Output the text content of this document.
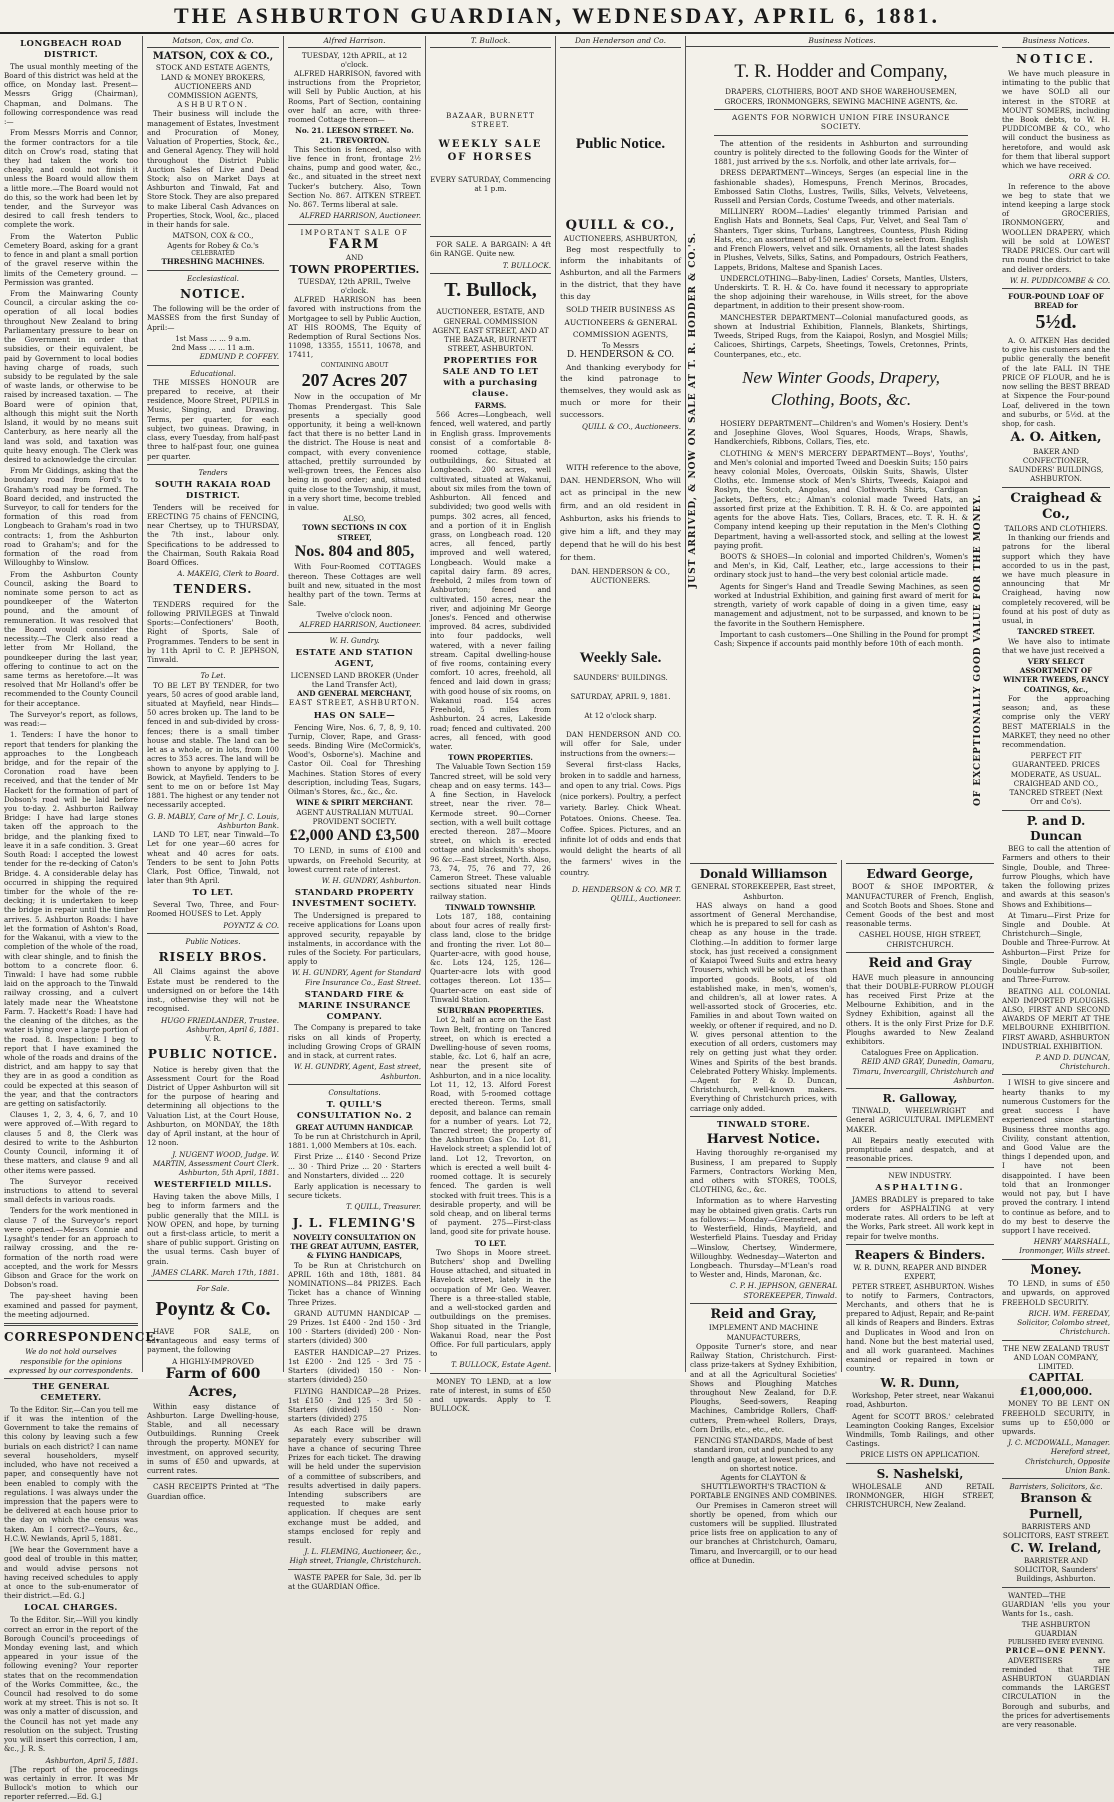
THE ASHBURTON GUARDIAN, WEDNESDAY, APRIL 6, 1881.
LONGBEACH ROAD DISTRICT.

The usual monthly meeting of the Board of this district was held at the office, on Monday last. Present—Messrs Grigg (Chairman), Chapman, and Dolmans. The following correspondence was read :—

From Messrs Morris and Connor, the former contractors for a tile ditch on Crow's road, stating that they had taken the work too cheaply, and could not finish it unless the Board would allow them a little more.—The Board would not do this, so the work had been let by tender, and the Surveyor was desired to call fresh tenders to complete the work.

From the Waterton Public Cemetery Board, asking for a grant to fence in and plant a small portion of the gravel reserve within the limits of the Cemetery ground. — Permission was granted.

From the Mainwaring County Council, a circular asking the co-operation of all local bodies throughout New Zealand to bring Parliamentary pressure to bear on the Government in order that subsidies, or their equivalent, be paid by Government to local bodies having charge of roads, such subsidy to be regulated by the sale of waste lands, or otherwise to be raised by increased taxation. — The Board were of opinion that, although this might suit the North Island, it would by no means suit Canterbury, as here nearly all the land was sold, and taxation was quite heavy enough. The Clerk was desired to acknowledge the circular.

From Mr Giddings, asking that the boundary road from Ford's to Graham's road may be formed. The Board decided, and instructed the Surveyor, to call for tenders for the formation of this road from Longbeach to Graham's road in two contracts: 1, from the Ashburton road to Graham's; and for the formation of the road from Willoughby to Winslow.

From the Ashburton County Council, asking the Board to nominate some person to act as poundkeeper of the Waterton pound, and the amount of remuneration. It was resolved that the Board would consider the necessity.—The Clerk also read a letter from Mr Holland, the poundkeeper during the last year, offering to continue to act on the same terms as heretofore.—It was resolved that Mr Holland's offer be recommended to the County Council for their acceptance.

The Surveyor's report, as follows, was read:—

1. Tenders: I have the honor to report that tenders for planking the approaches to the Longbeach bridge, and for the repair of the Coronation road have been received, and that the tender of Mr Hackett for the formation of part of Dobson's road will be laid before you to-day. 2. Ashburton Railway Bridge: I have had large stones taken off the approach to the bridge, and the planking fixed to leave it in a safe condition. 3. Great South Road: I accepted the lowest tender for the re-decking of Caton's Bridge. 4. A considerable delay has occurred in shipping the required timber for the whole of the re-decking; it is undertaken to keep the bridge in repair until the timber arrives. 5. Ashburton Roads: I have let the formation of Ashton's Road, for the Wakanui, with a view to the completion of the whole of the road, with clear shingle, and to finish the bottom to a concrete floor. 6. Tinwald: I have had some rubble laid on the approach to the Tinwald railway crossing, and a culvert lately made near the Wheatstone Farm. 7. Hackett's Road: I have had the cleaning of the ditches, as the water is lying over a large portion of the road. 8. Inspection: I beg to report that I have examined the whole of the roads and drains of the district, and am happy to say that they are in as good a condition as could be expected at this season of the year, and that the contractors are getting on satisfactorily.

Clauses 1, 2, 3, 4, 6, 7, and 10 were approved of.—With regard to clauses 5 and 8, the Clerk was desired to write to the Ashburton County Council, informing it of these matters, and clause 9 and all other items were passed.

The Surveyor received instructions to attend to several small defects in various roads.

Tenders for the work mentioned in clause 7 of the Surveyor's report were opened.—Messrs Connie and Lysaght's tender for an approach to railway crossing, and the re-formation of the north road were accepted, and the work for Messrs Gibson and Grace for the work on Dobson's road.

The pay-sheet having been examined and passed for payment, the meeting adjourned.

CORRESPONDENCE.
We do not hold ourselves responsible for the opinions expressed by our correspondents.
THE GENERAL CEMETERY.

To the Editor. Sir,—Can you tell me if it was the intention of the Government to take the remains of this colony by leaving such a few burials on each district? I can name several householders, myself included, who have not received a paper, and consequently have not been enabled to comply with the regulations. I was always under the impression that the papers were to be delivered at each house prior to the day on which the census was taken. Am I correct?—Yours, &c., H.C.W. Newlands, April 5, 1881.

[We hear the Government have a good deal of trouble in this matter, and would advise persons not having received schedules to apply at once to the sub-enumerator of their district.—Ed. G.]

LOCAL CHARGES.

To the Editor. Sir,—Will you kindly correct an error in the report of the Borough Council's proceedings of Monday evening last, and which appeared in your issue of the following evening? Your reporter states that on the recommendation of the Works Committee, &c., the Council had resolved to do some work at my street. This is not so. It was only a matter of discussion, and the Council has not yet made any resolution on the subject. Trusting you will insert this correction, I am, &c., J. R. S.

Ashburton, April 5, 1881.

[The report of the proceedings was certainly in error. It was Mr Bullock's motion to which our reporter referred.—Ed. G.]

Matson, Cox, and Co.
MATSON, COX & CO.,
STOCK AND ESTATE AGENTS,
LAND & MONEY BROKERS, AUCTIONEERS AND COMMISSION AGENTS,
ASHBURTON.

Their business will include the management of Estates, Investment and Procuration of Money, Valuation of Properties, Stock, &c., and General Agency. They will hold throughout the District Public Auction Sales of Live and Dead Stock; also on Market Days at Ashburton and Tinwald, Fat and Store Stock. They are also prepared to make Liberal Cash Advances on Properties, Stock, Wool, &c., placed in their hands for sale.

MATSON, COX & CO.,
Agents for Robey & Co.'s
CELEBRATED
THRESHING MACHINES.
Ecclesiastical.
NOTICE.

The following will be the order of MASSES from the first Sunday of April:—

1st Mass ... ... 9 a.m.
2nd Mass ... ... 11 a.m.
EDMUND P. COFFEY.
Educational.

THE MISSES HONOUR are prepared to receive, at their residence, Moore Street, PUPILS in Music, Singing, and Drawing. Terms, per quarter, for each subject, two guineas. Drawing, in class, every Tuesday, from half-past three to half-past four, one guinea per quarter.

Tenders
SOUTH RAKAIA ROAD DISTRICT.

Tenders will be received for ERECTING 75 chains of FENCING, near Chertsey, up to THURSDAY, the 7th inst., labour only. Specifications to be addressed to the Chairman, South Rakaia Road Board Offices.

A. MAKEIG, Clerk to Board.
TENDERS.

TENDERS required for the following PRIVILEGES at Tinwald Sports:—Confectioners' Booth, Right of Sports, Sale of Programmes. Tenders to be sent in by 11th April to C. P. JEPHSON, Tinwald.

To Let.

TO BE LET BY TENDER, for two years, 50 acres of good arable land, situated at Mayfield, near Hinds—50 acres broken up. The land to be fenced in and sub-divided by cross-fences; there is a small timber house and stable. The land can be let as a whole, or in lots, from 100 acres to 353 acres. The land will be shown to anyone by applying to J. Bowick, at Mayfield. Tenders to be sent to me on or before 1st May 1881. The highest or any tender not necessarily accepted.

G. B. MABLY, Care of Mr J. C. Louis, Ashburton Bank.

LAND TO LET, near Tinwald—To Let for one year—60 acres for wheat and 40 acres for oats. Tenders to be sent to John Potts Clark, Post Office, Tinwald, not later than 9th April.

TO LET.

Several Two, Three, and Four-Roomed HOUSES to Let. Apply

POYNTZ & CO.
Public Notices.
RISELY BROS.

All Claims against the above Estate must be rendered to the undersigned on or before the 14th inst., otherwise they will not be recognised.

HUGO FRIEDLANDER, Trustee. Ashburton, April 6, 1881.
V. R.
PUBLIC NOTICE.

Notice is hereby given that the Assessment Court for the Road District of Upper Ashburton will sit for the purpose of hearing and determining all objections to the Valuation List, at the Court House, Ashburton, on MONDAY, the 18th day of April instant, at the hour of 12 noon.

J. NUGENT WOOD, Judge. W. MARTIN, Assessment Court Clerk. Ashburton, 5th April, 1881.
WESTERFIELD MILLS.

Having taken the above Mills, I beg to inform farmers and the public generally that the MILL is NOW OPEN, and hope, by turning out a first-class article, to merit a share of public support. Gristing on the usual terms. Cash buyer of grain.

JAMES CLARK. March 17th, 1881.
For Sale.
Poyntz & Co.

HAVE FOR SALE, on advantageous and easy terms of payment, the following

A HIGHLY-IMPROVED
Farm of 600 Acres,

Within easy distance of Ashburton. Large Dwelling-house, Stable, and all necessary Outbuildings. Running Creek through the property. MONEY for investment, on approved security, in sums of £50 and upwards, at current rates.

CASH RECEIPTS Printed at "The Guardian office.

Alfred Harrison.
TUESDAY, 12th APRIL, at 12 o'clock.

ALFRED HARRISON, favored with instructions from the Proprietor, will Sell by Public Auction, at his Rooms, Part of Section, containing over half an acre, with three-roomed Cottage thereon—

No. 21. LEESON STREET. No. 21. TREVORTON.

This Section is fenced, also with live fence in front, frontage 2½ chains, pump and good water, &c., &c., and situated in the street next Tucker's butchery. Also, Town Section No. 867. AITKEN STREET. No. 867. Terms liberal at sale.

ALFRED HARRISON, Auctioneer.
IMPORTANT SALE OF
FARM
AND
TOWN PROPERTIES.
TUESDAY, 12th APRIL, Twelve o'clock.

ALFRED HARRISON has been favored with instructions from the Mortgagee to sell by Public Auction, AT HIS ROOMS, The Equity of Redemption of Rural Sections Nos. 11098, 13355, 15511, 10678, and 17411,

CONTAINING ABOUT
207 Acres 207

Now in the occupation of Mr Thomas Prendergast. This Sale presents a specially good opportunity, it being a well-known fact that there is no better Land in the district. The House is neat and compact, with every convenience attached, prettily surrounded by well-grown trees, the Fences also being in good order; and, situated quite close to the Township, it must, in a very short time, become trebled in value.

ALSO,
TOWN SECTIONS IN COX STREET,
Nos. 804 and 805,

With Four-Roomed COTTAGES thereon. These Cottages are well built and new, situated in the most healthy part of the town. Terms at Sale.

Twelve o'clock noon.
ALFRED HARRISON, Auctioneer.
W. H. Gundry.
ESTATE AND STATION AGENT,
LICENSED LAND BROKER (Under the Land Transfer Act),
AND GENERAL MERCHANT,
EAST STREET, ASHBURTON.
HAS ON SALE—

Fencing Wire, Nos. 6, 7, 8, 9, 10. Turnip, Clover, Rape, and Grass-seeds. Binding Wire (McCormick's, Wood's, Osborne's). Machine and Castor Oil. Coal for Threshing Machines. Station Stores of every description, including Teas, Sugars, Oilman's Stores, &c., &c., &c.

WINE & SPIRIT MERCHANT.
AGENT AUSTRALIAN MUTUAL PROVIDENT SOCIETY.
£2,000 AND £3,500

TO LEND, in sums of £100 and upwards, on Freehold Security, at lowest current rate of interest.

W. H. GUNDRY, Ashburton.
STANDARD PROPERTY INVESTMENT SOCIETY.

The Undersigned is prepared to receive applications for Loans upon approved security, repayable by instalments, in accordance with the rules of the Society. For particulars, apply to

W. H. GUNDRY, Agent for Standard Fire Insurance Co., East Street.
STANDARD FIRE & MARINE INSURANCE COMPANY.

The Company is prepared to take risks on all kinds of Property, including Growing Crops of GRAIN and in stack, at current rates.

W. H. GUNDRY, Agent, East street, Ashburton.
Consultations.
T. QUILL'S CONSULTATION No. 2
GREAT AUTUMN HANDICAP.

To be run at Christchurch in April, 1881. 1,000 Members at 10s. each.

First Prize ... £140 · Second Prize ... 30 · Third Prize ... 20 · Starters and Nonstarters, divided ... 220

Early application is necessary to secure tickets.

T. QUILL, Treasurer.
J. L. FLEMING'S
NOVELTY CONSULTATION ON THE GREAT AUTUMN, EASTER, & FLYING HANDICAPS,

To be Run at Christchurch on APRIL 16th and 18th, 1881. 84 NOMINATIONS—84 PRIZES. Each Ticket has a chance of Winning Three Prizes.

GRAND AUTUMN HANDICAP — 29 Prizes. 1st £400 · 2nd 150 · 3rd 100 · Starters (divided) 200 · Non-starters (divided) 300

EASTER HANDICAP—27 Prizes. 1st £200 · 2nd 125 · 3rd 75 · Starters (divided) 150 · Non-starters (divided) 250

FLYING HANDICAP—28 Prizes. 1st £150 · 2nd 125 · 3rd 50 · Starters (divided) 150 · Non-starters (divided) 275

As each Race will be drawn separately every subscriber will have a chance of securing Three Prizes for each ticket. The drawing will be held under the supervision of a committee of subscribers, and results advertised in daily papers. Intending subscribers are requested to make early application. If cheques are sent exchange must be added, and stamps enclosed for reply and result.

J. L. FLEMING, Auctioneer, &c., High street, Triangle, Christchurch.

WASTE PAPER for Sale, 3d. per lb at the GUARDIAN Office.

T. Bullock.
BAZAAR, BURNETT STREET.
WEEKLY SALE OF HORSES
EVERY SATURDAY, Commencing at 1 p.m.

FOR SALE. A BARGAIN: A 4ft 6in RANGE. Quite new.

T. BULLOCK.
T. Bullock,
AUCTIONEER, ESTATE, AND GENERAL COMMISSION AGENT, EAST STREET, AND AT THE BAZAAR, BURNETT STREET, ASHBURTON.
PROPERTIES FOR SALE AND TO LET with a purchasing clause.
FARMS.

566 Acres—Longbeach, well fenced, well watered, and partly in English grass. Improvements consist of a comfortable 8-roomed cottage, stable, outbuildings, &c. Situated at Longbeach. 200 acres, well cultivated, situated at Wakanui, about six miles from the town of Ashburton. All fenced and subdivided; two good wells with pumps. 302 acres, all fenced, and a portion of it in English grass, on Longbeach road. 120 acres, all fenced, partly improved and well watered, Longbeach. Would make a capital dairy farm. 89 acres, freehold, 2 miles from town of Ashburton; fenced and cultivated. 150 acres, near the river, and adjoining Mr George Jones's. Fenced and otherwise improved. 84 acres, subdivided into four paddocks, well watered, with a never failing stream. Capital dwelling-house of five rooms, containing every comfort. 10 acres, freehold, all fenced and laid down in grass; with good house of six rooms, on Wakanui road. 154 acres Freehold, 5 miles from Ashburton. 24 acres, Lakeside road; fenced and cultivated. 200 acres, all fenced, with good water.

TOWN PROPERTIES.

The Valuable Town Section 159 Tancred street, will be sold very cheap and on easy terms. 143—A fine Section, in Havelock street, near the river. 78—Kermode street. 90—Corner section, with a well built cottage erected thereon. 287—Moore street, on which is erected cottage and blacksmith's shops. 96 &c.—East street, North. Also, 73, 74, 75, 76 and 77, 26 Cameron Street. These valuable sections situated near Hinds railway station.

TINWALD TOWNSHIP.

Lots 187, 188, containing about four acres of really first-class land, close to the bridge and fronting the river. Lot 80—Quarter-acre, with good house, &c. Lots 124, 125, 126—Quarter-acre lots with good cottages thereon. Lot 135—Quarter-acre on east side of Tinwald Station.

SUBURBAN PROPERTIES.

Lot 2, half an acre on the East Town Belt, fronting on Tancred street, on which is erected a Dwelling-house of seven rooms, stable, &c. Lot 6, half an acre, near the present site of Ashburton, and in a nice locality. Lot 11, 12, 13. Alford Forest Road, with 5-roomed cottage erected thereon. Terms, small deposit, and balance can remain for a number of years. Lot 72, Tancred street; the property of the Ashburton Gas Co. Lot 81, Havelock street; a splendid lot of land. Lot 12, Trevorton, on which is erected a well built 4-roomed cottage. It is securely fenced. The garden is well stocked with fruit trees. This is a desirable property, and will be sold cheap, and on liberal terms of payment. 275—First-class land, good site for private house.

TO LET.

Two Shops in Moore street. Butchers' shop and Dwelling House attached, and situated in Havelock street, lately in the occupation of Mr Geo. Weaver. There is a three-stalled stable, and a well-stocked garden and outbuildings on the premises. Shop situated in the Triangle, Wakanui Road, near the Post Office. For full particulars, apply to

T. BULLOCK, Estate Agent.

MONEY TO LEND, at a low rate of interest, in sums of £50 and upwards. Apply to T. BULLOCK.

Dan Henderson and Co.
Public Notice.
QUILL & CO.,
AUCTIONEERS, ASHBURTON,

Beg most respectfully to inform the inhabitants of Ashburton, and all the Farmers in the district, that they have this day

SOLD THEIR BUSINESS AS AUCTIONEERS & GENERAL COMMISSION AGENTS,
To Messrs
D. HENDERSON & CO.

And thanking everybody for the kind patronage to themselves, they would ask as much or more for their successors.

QUILL & CO., Auctioneers.

WITH reference to the above, DAN. HENDERSON, Who will act as principal in the new firm, and an old resident in Ashburton, asks his friends to give him a lift, and they may depend that he will do his best for them.

DAN. HENDERSON & CO., AUCTIONEERS.
Weekly Sale.
SAUNDERS' BUILDINGS.
SATURDAY, APRIL 9, 1881.
At 12 o'clock sharp.

DAN HENDERSON AND CO. will offer for Sale, under instructions from the owners:—

Several first-class Hacks, broken in to saddle and harness, and open to any trial. Cows. Pigs (nice porkers). Poultry, a perfect variety. Barley. Chick Wheat. Potatoes. Onions. Cheese. Tea. Coffee. Spices. Pictures, and an infinite lot of odds and ends that would delight the hearts of all the farmers' wives in the country.

D. HENDERSON & CO. MR T. QUILL, Auctioneer.
Business Notices.
JUST ARRIVED, & NOW ON SALE AT T. R. HODDER & CO.'S.
OF EXCEPTIONALLY GOOD VALUE FOR THE MONEY.
T. R. Hodder and Company,
DRAPERS, CLOTHIERS, BOOT AND SHOE WAREHOUSEMEN, GROCERS, IRONMONGERS, SEWING MACHINE AGENTS, &c.
AGENTS FOR NORWICH UNION FIRE INSURANCE SOCIETY.

The attention of the residents in Ashburton and surrounding country is politely directed to the following Goods for the Winter of 1881, just arrived by the s.s. Norfolk, and other late arrivals, for—

DRESS DEPARTMENT—Winceys, Serges (an especial line in the fashionable shades), Homespuns, French Merinos, Brocades, Embossed Satin Cloths, Lustres, Twills, Silks, Velvets, Velveteens, Russell and Persian Cords, Costume Tweeds, and other materials.

MILLINERY ROOM—Ladies' elegantly trimmed Parisian and English Hats and Bonnets, Seal Caps, Fur, Velvet, and Seal Tam o' Shanters, Tiger skins, Turbans, Langtrees, Countess, Plush Riding Hats, etc.; an assortment of 150 newest styles to select from. English and French Flowers, velvet and silk. Ornaments, all the latest shades in Plushes, Velvets, Silks, Satins, and Pompadours, Ostrich Feathers, Lappets, Bridons, Maltese and Spanish Laces.

UNDERCLOTHING—Baby-linen, Ladies' Corsets, Mantles, Ulsters, Underskirts. T. R. H. & Co. have found it necessary to appropriate the shop adjoining their warehouse, in Wills street, for the above department, in addition to their present show-room.

MANCHESTER DEPARTMENT—Colonial manufactured goods, as shown at Industrial Exhibition, Flannels, Blankets, Shirtings, Tweeds, Striped Rugs, from the Kaiapoi, Roslyn, and Mosgiel Mills; Calicoes, Shirtings, Carpets, Sheetings, Towels, Cretonnes, Prints, Counterpanes, etc., etc.

New Winter Goods, Drapery, Clothing, Boots, &c.

HOSIERY DEPARTMENT—Children's and Women's Hosiery. Dent's and Josephine Gloves, Wool Squares, Hoods, Wraps, Shawls, Handkerchiefs, Ribbons, Collars, Ties, etc.

CLOTHING & MEN'S MERCERY DEPARTMENT—Boys', Youths', and Men's colonial and imported Tweed and Doeskin Suits; 150 pairs heavy colonial Moles, Overcoats, Oilskin Suits, Shawls, Ulster Cloths, etc. Immense stock of Men's Shirts, Tweeds, Kaiapoi and Roslyn, the Scotch, Angolas, and Clothworth Shirts, Cardigan Jackets, Defters, etc.; Alman's colonial made Tweed Hats, an assorted first prize at the Exhibition. T. R. H. & Co. are appointed agents for the above Hats. Ties, Collars, Braces, etc. T. R. H. & Company intend keeping up their reputation in the Men's Clothing Department, having a well-assorted stock, and selling at the lowest paying profit.

BOOTS & SHOES—In colonial and imported Children's, Women's and Men's, in Kid, Calf, Leather, etc., large accessions to their ordinary stock just to hand—the very best colonial article made.

Agents for Singer's Hand and Treadle Sewing Machines, as seen worked at Industrial Exhibition, and gaining first award of merit for strength, variety of work capable of doing in a given time, easy management and adjustment, not to be surpassed, and known to be the favorite in the Southern Hemisphere.

Important to cash customers—One Shilling in the Pound for prompt Cash; Sixpence if accounts paid monthly before 10th of each month.

Donald Williamson
GENERAL STOREKEEPER, East street, Ashburton.

HAS always on hand a good assortment of General Merchandise, which he is prepared to sell for cash as cheap as any house in the trade. Clothing.—In addition to former large stock, has just received a consignment of Kaiapoi Tweed Suits and extra heavy Trousers, which will be sold at less than imported goods. Boots, of old established make, in men's, women's, and children's, all at lower rates. A well-assorted stock of Groceries, etc. Families in and about Town waited on weekly, or oftener if required, and no D. W. gives personal attention to the execution of all orders, customers may rely on getting just what they order. Wines and Spirits of the best brands. Celebrated Pottery Whisky. Implements.—Agent for P. & D. Duncan, Christchurch, well-known makers. Everything of Christchurch prices, with carriage only added.

TINWALD STORE.
Harvest Notice.

Having thoroughly re-organised my Business, I am prepared to Supply Farmers, Contractors Working Men, and others with STORES, TOOLS, CLOTHING, &c., &c.

Information as to where Harvesting may be obtained given gratis. Carts run as follows:— Monday—Greenstreet, and to Westerfield, Hinds, Mayfield, and Westerfield Plains. Tuesday and Friday—Winslow, Chertsey, Windermere, Willoughby. Wednesday—Waterton and Longbeach. Thursday—M'Lean's road to Wester and, Hinds, Maronan, &c.

C. P. H. JEPHSON, GENERAL STOREKEEPER, Tinwald.
Reid and Gray,
IMPLEMENT AND MACHINE MANUFACTURERS,

Opposite Turner's store, and near Railway Station, Christchurch. First-class prize-takers at Sydney Exhibition, and at all the Agricultural Societies' Shows and Ploughing Matches throughout New Zealand, for D.F. Ploughs, Seed-sowers, Reaping Machines, Cambridge Rollers, Chaff-cutters, Prem-wheel Rollers, Drays, Corn Drills, etc., etc., etc.

FENCING STANDARDS, Made of best standard iron, cut and punched to any length and gauge, at lowest prices, and on shortest notice.
Agents for CLAYTON & SHUTTLEWORTH'S TRACTION & PORTABLE ENGINES AND COMBINES.

Our Premises in Cameron street will shortly be opened, from which our customers will be supplied. Illustrated price lists free on application to any of our branches at Christchurch, Oamaru, Timaru, and Invercargill, or to our head office at Dunedin.

Edward George,

BOOT & SHOE IMPORTER, & MANUFACTURER of French, English, and Scotch Boots and Shoes. Stone and Cement Goods of the best and most reasonable terms.

CASHEL HOUSE, HIGH STREET, CHRISTCHURCH.
Reid and Gray

HAVE much pleasure in announcing that their DOUBLE-FURROW PLOUGH has received First Prize at the Melbourne Exhibition, and in the Sydney Exhibition, against all the others. It is the only First Prize for D.F. Ploughs awarded to New Zealand exhibitors.

Catalogues Free on Application.
REID AND GRAY, Dunedin, Oamaru, Timaru, Invercargill, Christchurch and Ashburton.
R. Galloway,

TINWALD, WHEELWRIGHT and General AGRICULTURAL IMPLEMENT MAKER.

All Repairs neatly executed with promptitude and despatch, and at reasonable prices.

NEW INDUSTRY.
ASPHALTING.

JAMES BRADLEY is prepared to take orders for ASPHALTING at very moderate rates. All orders to be left at the Works, Park street. All work kept in repair for twelve months.

Reapers & Binders.
W. R. DUNN, REAPER AND BINDER EXPERT,

PETER STREET, ASHBURTON. Wishes to notify to Farmers, Contractors, Merchants, and others that he is prepared to Adjust, Repair, and Re-paint all kinds of Reapers and Binders. Extras and Duplicates in Wood and Iron on hand. None but the best material used, and all work guaranteed. Machines examined or repaired in town or country.

W. R. Dunn,

Workshop, Peter street, near Wakanui road, Ashburton.

Agent for SCOTT BROS.' celebrated Leamington Cooking Ranges, Excelsior Windmills, Tomb Railings, and other Castings.

PRICE LISTS ON APPLICATION.
S. Nashelski,

WHOLESALE AND RETAIL IRONMONGER, HIGH STREET, CHRISTCHURCH, New Zealand.

Business Notices.
NOTICE.

We have much pleasure in intimating to the public that we have SOLD all our interest in the STORE at MOUNT SOMERS, including the Book debts, to W. H. PUDDICOMBE & CO., who will conduct the business as heretofore, and would ask for them that liberal support which we have received.

ORR & CO.

In reference to the above we beg to state that we intend keeping a large stock of GROCERIES, IRONMONGERY, and WOOLLEN DRAPERY, which will be sold at LOWEST TRADE PRICES. Our cart will run round the district to take and deliver orders.

W. H. PUDDICOMBE & CO.
FOUR-POUND LOAF OF BREAD for
5½d.

A. O. AITKEN Has decided to give his customers and the public generally the benefit of the late FALL IN THE PRICE OF FLOUR, and he is now selling the BEST BREAD at Sixpence the Four-pound Loaf, delivered in the town and suburbs, or 5½d. at the shop, for cash.

A. O. Aitken,
BAKER AND CONFECTIONER, SAUNDERS' BUILDINGS, ASHBURTON.
Craighead & Co.,
TAILORS AND CLOTHIERS.

In thanking our friends and patrons for the liberal support which they have accorded to us in the past, we have much pleasure in announcing that Mr Craighead, having now completely recovered, will be found at his post of duty as usual, in

TANCRED STREET.

We have also to intimate that we have just received a

VERY SELECT ASSORTMENT OF WINTER TWEEDS, FANCY COATINGS, &c.,

For the approaching season; and, as these comprise only the VERY BEST MATERIALS in the MARKET, they need no other recommendation.

PERFECT FIT GUARANTEED. PRICES MODERATE, AS USUAL.
CRAIGHEAD AND CO., TANCRED STREET (Next Orr and Co's).
P. and D. Duncan

BEG to call the attention of Farmers and others to their Single, Double, and Three-furrow Ploughs, which have taken the following prizes and awards at this season's Shows and Exhibitions—

At Timaru—First Prize for Single and Double. At Christchurch—Single, Double and Three-Furrow. At Ashburton—First Prize for Single, Double Furrow, Double-furrow Sub-soiler, and Three-Furrow.

BEATING ALL COLONIAL AND IMPORTED PLOUGHS. ALSO, FIRST AND SECOND AWARDS OF MERIT AT THE MELBOURNE EXHIBITION. FIRST AWARD, ASHBURTON INDUSTRIAL EXHIBITION.

P. AND D. DUNCAN, Christchurch.

I WISH to give sincere and hearty thanks to my numerous Customers for the great success I have experienced since starting Business three months ago. Civility, constant attention, and Good Value are the things I depended upon, and I have not been disappointed. I have been told that an Ironmonger would not pay, but I have proved the contrary. I intend to continue as before, and to do my best to deserve the support I have received.

HENRY MARSHALL, Ironmonger, Wills street.
Money.

TO LEND, in sums of £50 and upwards, on approved FREEHOLD SECURITY.

RICH. WM. FEREDAY, Solicitor, Colombo street, Christchurch.
THE NEW ZEALAND TRUST AND LOAN COMPANY, LIMITED.
CAPITAL £1,000,000.

MONEY TO BE LENT ON FREEHOLD SECURITY, in sums up to £50,000 or upwards.

J. C. MCDOWALL, Manager. Hereford street, Christchurch, Opposite Union Bank.
Barristers, Solicitors, &c.
Branson & Purnell,
BARRISTERS AND SOLICITORS, EAST STREET.
C. W. Ireland,
BARRISTER AND SOLICITOR, Saunders' Buildings, Ashburton.

WANTED—THE GUARDIAN 'ells you your Wants for 1s., cash.

THE ASHBURTON GUARDIAN
PUBLISHED EVERY EVENING.
PRICE—ONE PENNY.

ADVERTISERS are reminded that THE ASHBURTON GUARDIAN commands the LARGEST CIRCULATION in the Borough and suburbs, and the prices for advertisements are very reasonable.
